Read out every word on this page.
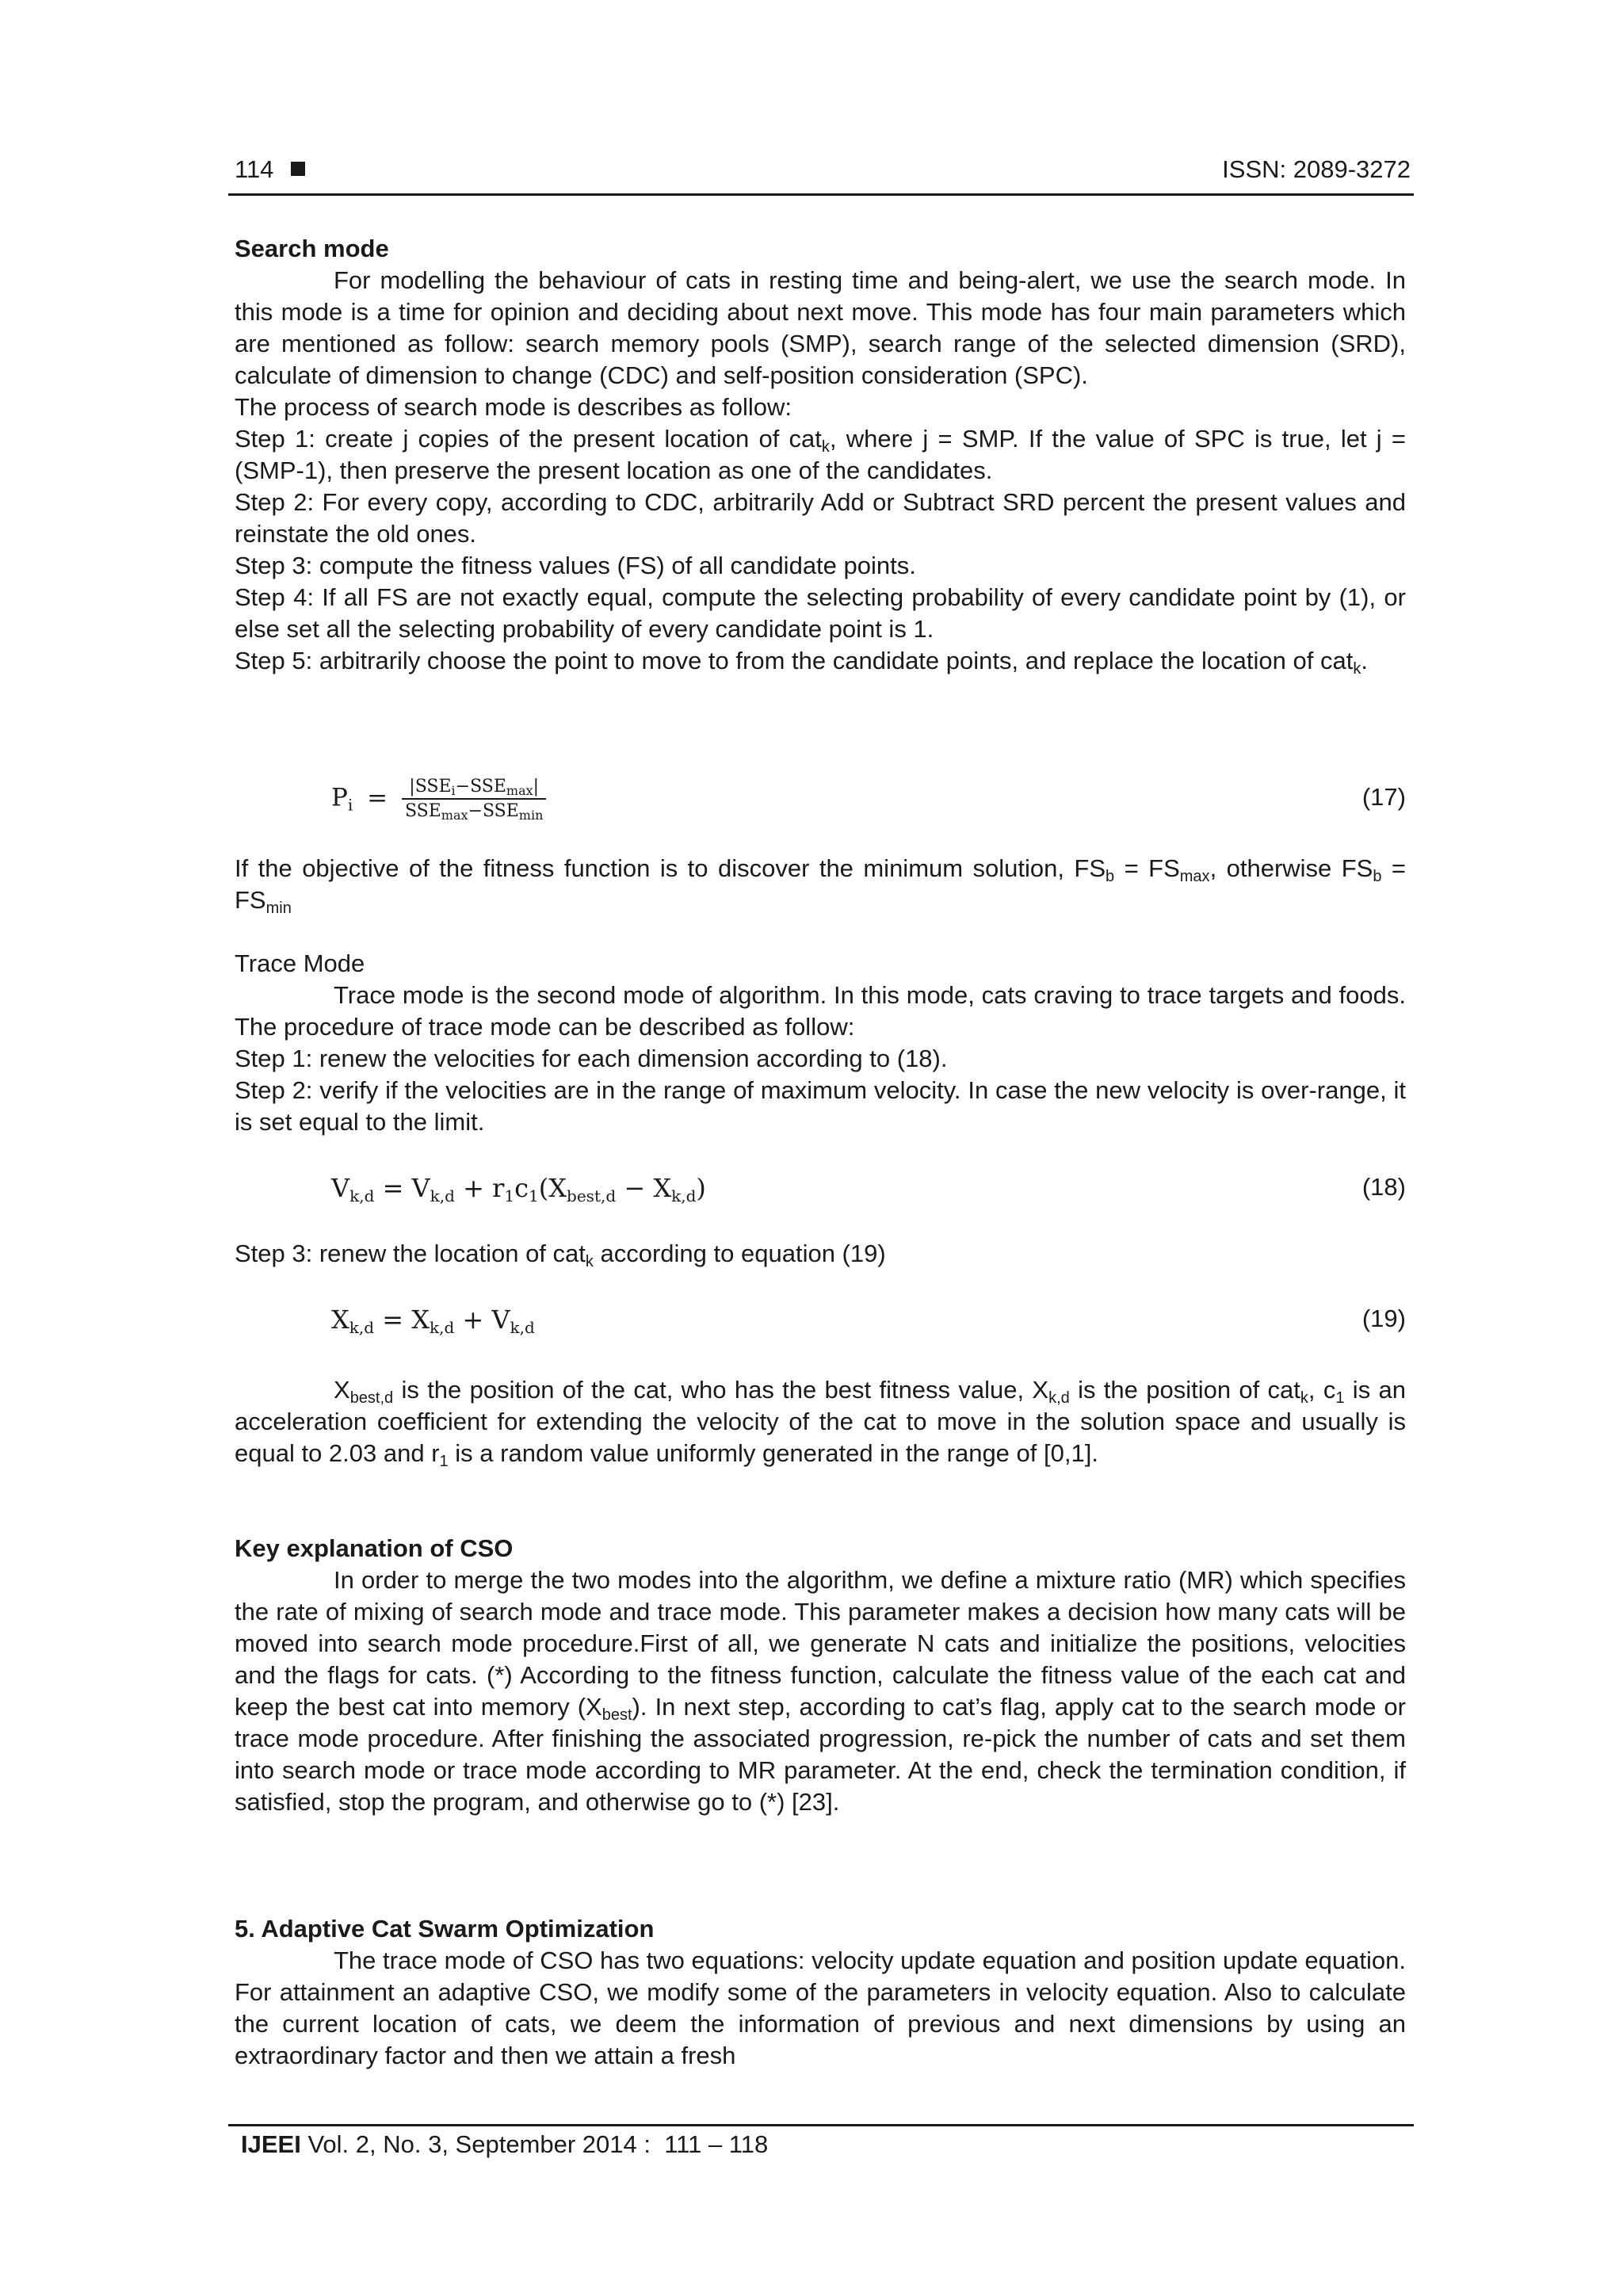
114	ISSN: 2089-3272

Search mode

For modelling the behaviour of cats in resting time and being-alert, we use the search mode. In this mode is a time for opinion and deciding about next move. This mode has four main parameters which are mentioned as follow: search memory pools (SMP), search range of the selected dimension (SRD), calculate of dimension to change (CDC) and self-position consideration (SPC).

The process of search mode is describes as follow:

Step 1: create j copies of the present location of cat$_k$, where j = SMP. If the value of SPC is true, let j = (SMP-1), then preserve the present location as one of the candidates.

Step 2: For every copy, according to CDC, arbitrarily Add or Subtract SRD percent the present values and reinstate the old ones.

Step 3: compute the fitness values (FS) of all candidate points.

Step 4: If all FS are not exactly equal, compute the selecting probability of every candidate point by (1), or else set all the selecting probability of every candidate point is 1.

Step 5: arbitrarily choose the point to move to from the candidate points, and replace the location of cat$_k$.

$P_i = \frac{|SSE_i-SSE_{max}|}{SSE_{max}-SSE_{min}}$	(17)

If the objective of the fitness function is to discover the minimum solution, $FS_b = FS_{max}$, otherwise $FS_b = FS_{min}$

Trace Mode

Trace mode is the second mode of algorithm. In this mode, cats craving to trace targets and foods. The procedure of trace mode can be described as follow:

Step 1: renew the velocities for each dimension according to (18).

Step 2: verify if the velocities are in the range of maximum velocity. In case the new velocity is over-range, it is set equal to the limit.

$V_{k,d} = V_{k,d} + r_1c_1(X_{best,d} - X_{k,d})$	(18)

Step 3: renew the location of cat$_k$ according to equation (19)

$X_{k,d} = X_{k,d} + V_{k,d}$	(19)

$X_{best,d}$ is the position of the cat, who has the best fitness value, $X_{k,d}$ is the position of cat$_k$, $c_1$ is an acceleration coefficient for extending the velocity of the cat to move in the solution space and usually is equal to 2.03 and $r_1$ is a random value uniformly generated in the range of [0,1].

Key explanation of CSO

In order to merge the two modes into the algorithm, we define a mixture ratio (MR) which specifies the rate of mixing of search mode and trace mode. This parameter makes a decision how many cats will be moved into search mode procedure.First of all, we generate N cats and initialize the positions, velocities and the flags for cats. (*) According to the fitness function, calculate the fitness value of the each cat and keep the best cat into memory $(X_{best})$. In next step, according to cat’s flag, apply cat to the search mode or trace mode procedure. After finishing the associated progression, re-pick the number of cats and set them into search mode or trace mode according to MR parameter. At the end, check the termination condition, if satisfied, stop the program, and otherwise go to (*) [23].

5. Adaptive Cat Swarm Optimization

The trace mode of CSO has two equations: velocity update equation and position update equation. For attainment an adaptive CSO, we modify some of the parameters in velocity equation. Also to calculate the current location of cats, we deem the information of previous and next dimensions by using an extraordinary factor and then we attain a fresh

IJEEI Vol. 2, No. 3, September 2014 :  111 – 118
